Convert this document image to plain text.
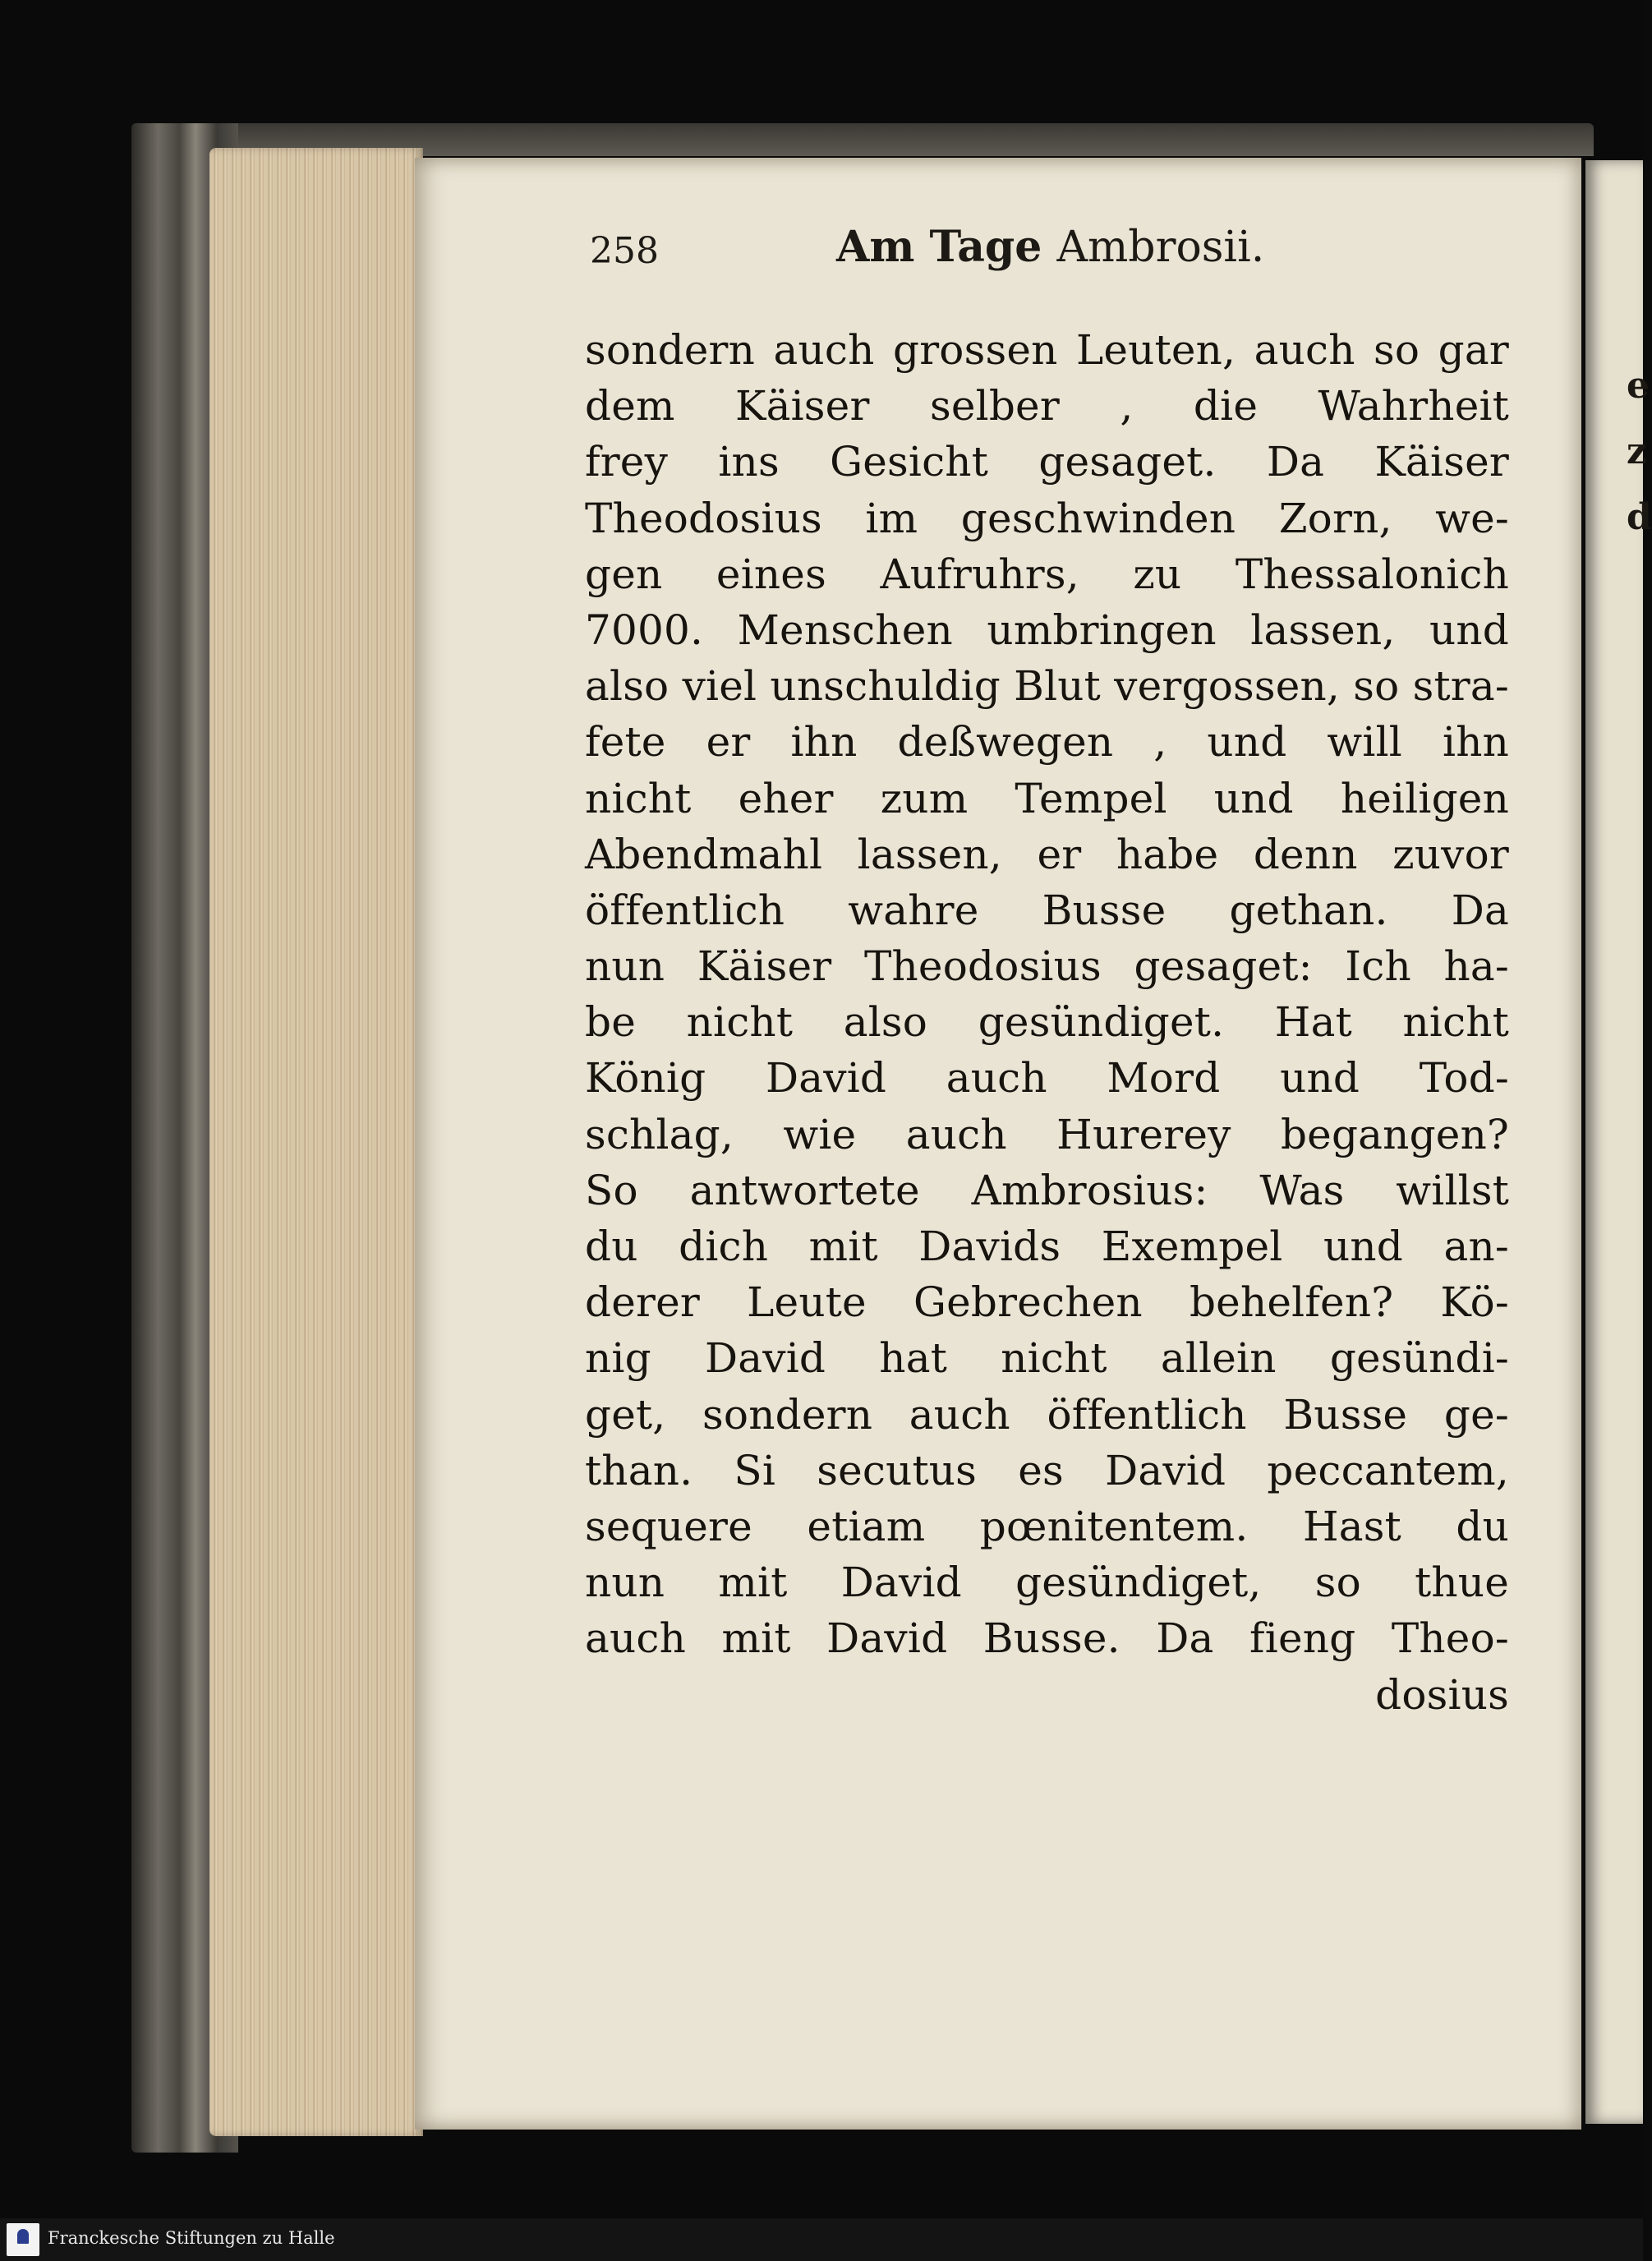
e
z
d
258	Am Tage Ambrosii.
sondern auch grossen Leuten, auch so gar
dem Käiser selber , die Wahrheit
frey ins Gesicht gesaget. Da Käiser
Theodosius im geschwinden Zorn, we-
gen eines Aufruhrs, zu Thessalonich
7000. Menschen umbringen lassen, und
also viel unschuldig Blut vergossen, so stra-
fete er ihn deßwegen , und will ihn
nicht eher zum Tempel und heiligen
Abendmahl lassen, er habe denn zuvor
öffentlich wahre Busse gethan. Da
nun Käiser Theodosius gesaget: Ich ha-
be nicht also gesündiget. Hat nicht
König David auch Mord und Tod-
schlag, wie auch Hurerey begangen?
So antwortete Ambrosius: Was willst
du dich mit Davids Exempel und an-
derer Leute Gebrechen behelfen? Kö-
nig David hat nicht allein gesündi-
get, sondern auch öffentlich Busse ge-
than. Si secutus es David peccantem,
sequere etiam pœnitentem. Hast du
nun mit David gesündiget, so thue
auch mit David Busse. Da fieng Theo-
dosius
Franckesche Stiftungen zu Halle
